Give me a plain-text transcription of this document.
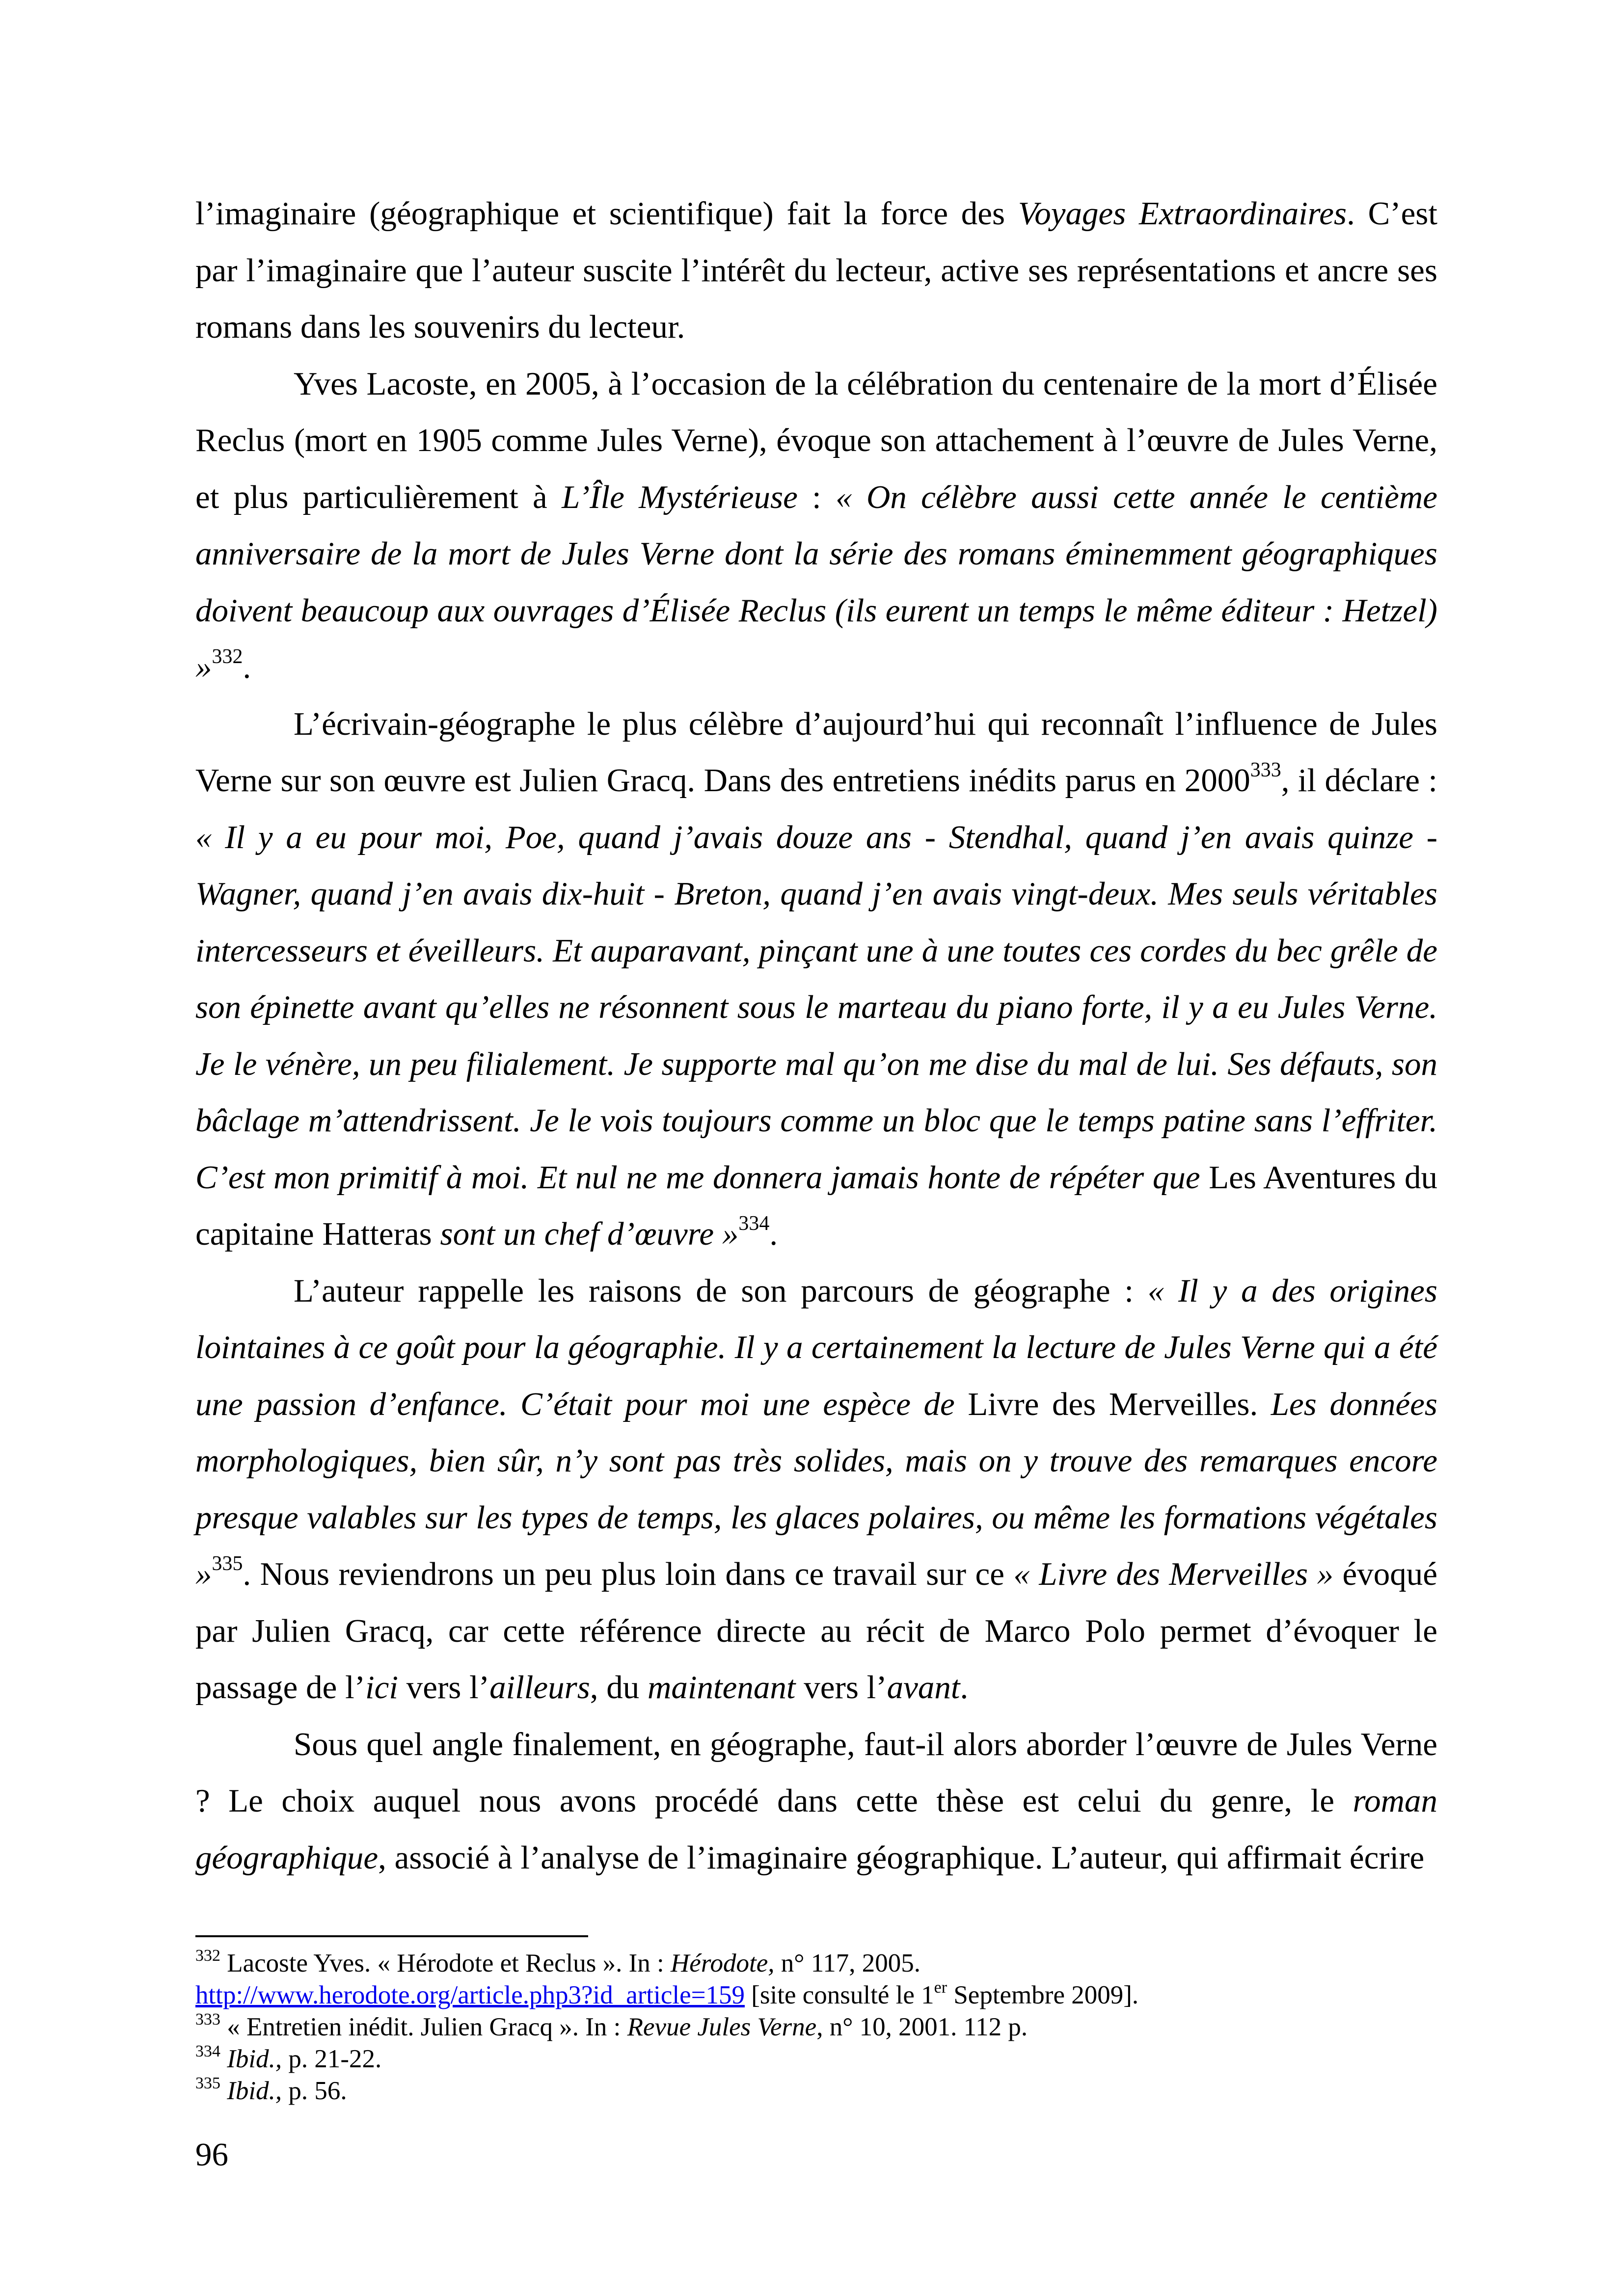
l’imaginaire (géographique et scientifique) fait la force des Voyages Extraordinaires. C’est par l’imaginaire que l’auteur suscite l’intérêt du lecteur, active ses représentations et ancre ses romans dans les souvenirs du lecteur.

Yves Lacoste, en 2005, à l’occasion de la célébration du centenaire de la mort d’Élisée Reclus (mort en 1905 comme Jules Verne), évoque son attachement à l’œuvre de Jules Verne, et plus particulièrement à L’Île Mystérieuse : « On célèbre aussi cette année le centième anniversaire de la mort de Jules Verne dont la série des romans éminemment géographiques doivent beaucoup aux ouvrages d’Élisée Reclus (ils eurent un temps le même éditeur : Hetzel) »$^{332}$.

L’écrivain-géographe le plus célèbre d’aujourd’hui qui reconnaît l’influence de Jules Verne sur son œuvre est Julien Gracq. Dans des entretiens inédits parus en 2000$^{333}$, il déclare : « Il y a eu pour moi, Poe, quand j’avais douze ans - Stendhal, quand j’en avais quinze - Wagner, quand j’en avais dix-huit - Breton, quand j’en avais vingt-deux. Mes seuls véritables intercesseurs et éveilleurs. Et auparavant, pinçant une à une toutes ces cordes du bec grêle de son épinette avant qu’elles ne résonnent sous le marteau du piano forte, il y a eu Jules Verne. Je le vénère, un peu filialement. Je supporte mal qu’on me dise du mal de lui. Ses défauts, son bâclage m’attendrissent. Je le vois toujours comme un bloc que le temps patine sans l’effriter. C’est mon primitif à moi. Et nul ne me donnera jamais honte de répéter que Les Aventures du capitaine Hatteras sont un chef d’œuvre »$^{334}$.

L’auteur rappelle les raisons de son parcours de géographe : « Il y a des origines lointaines à ce goût pour la géographie. Il y a certainement la lecture de Jules Verne qui a été une passion d’enfance. C’était pour moi une espèce de Livre des Merveilles. Les données morphologiques, bien sûr, n’y sont pas très solides, mais on y trouve des remarques encore presque valables sur les types de temps, les glaces polaires, ou même les formations végétales »$^{335}$. Nous reviendrons un peu plus loin dans ce travail sur ce « Livre des Merveilles » évoqué par Julien Gracq, car cette référence directe au récit de Marco Polo permet d’évoquer le passage de l’ici vers l’ailleurs, du maintenant vers l’avant.

Sous quel angle finalement, en géographe, faut-il alors aborder l’œuvre de Jules Verne ? Le choix auquel nous avons procédé dans cette thèse est celui du genre, le roman géographique, associé à l’analyse de l’imaginaire géographique. L’auteur, qui affirmait écrire

$^{332}$ Lacoste Yves. « Hérodote et Reclus ». In : Hérodote, n° 117, 2005.

http://www.herodote.org/article.php3?id_article=159 [site consulté le 1er Septembre 2009].

$^{333}$ « Entretien inédit. Julien Gracq ». In : Revue Jules Verne, n° 10, 2001. 112 p.

$^{334}$ Ibid., p. 21-22.

$^{335}$ Ibid., p. 56.

96
